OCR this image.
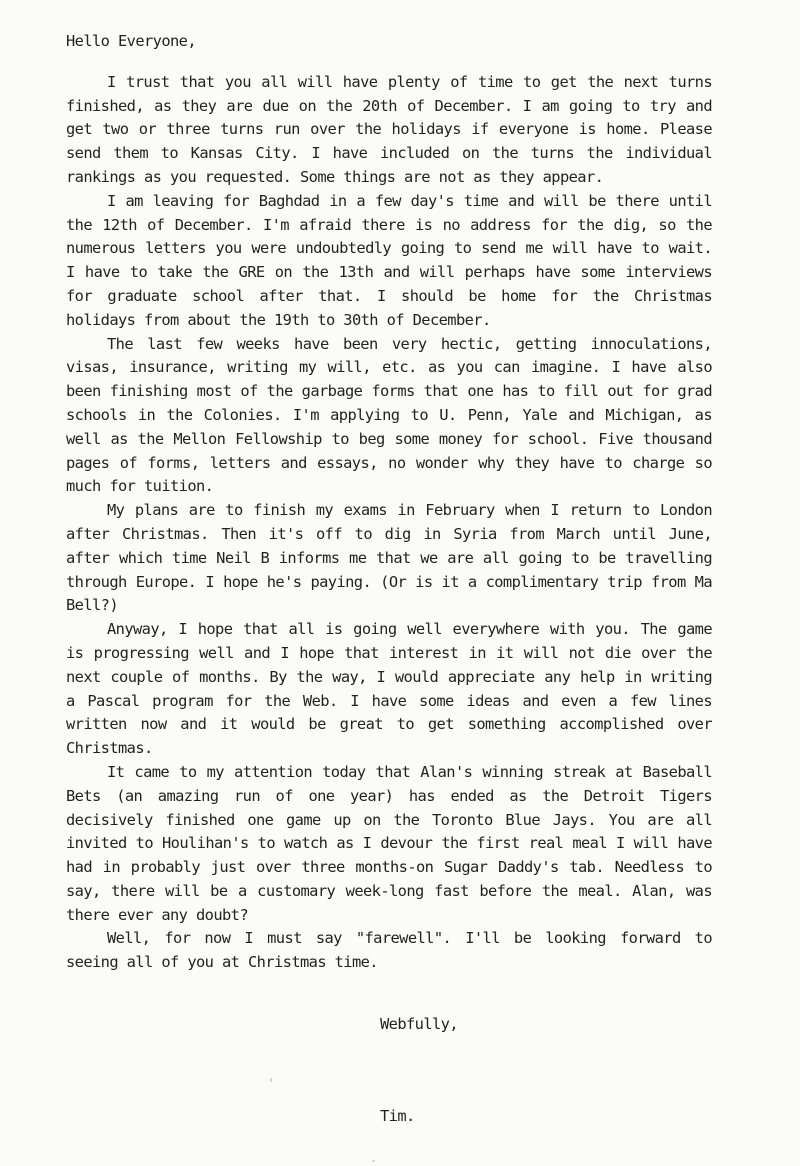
Hello Everyone,

I trust that you all will have plenty of time to get the next turns finished, as they are due on the 20th of December. I am going to try and get two or three turns run over the holidays if everyone is home. Please send them to Kansas City. I have included on the turns the individual rankings as you requested. Some things are not as they appear.

I am leaving for Baghdad in a few day's time and will be there until the 12th of December. I'm afraid there is no address for the dig, so the numerous letters you were undoubtedly going to send me will have to wait. I have to take the GRE on the 13th and will perhaps have some interviews for graduate school after that. I should be home for the Christmas holidays from about the 19th to 30th of December.

The last few weeks have been very hectic, getting innoculations, visas, insurance, writing my will, etc. as you can imagine. I have also been finishing most of the garbage forms that one has to fill out for grad schools in the Colonies. I'm applying to U. Penn, Yale and Michigan, as well as the Mellon Fellowship to beg some money for school. Five thousand pages of forms, letters and essays, no wonder why they have to charge so much for tuition.

My plans are to finish my exams in February when I return to London after Christmas. Then it's off to dig in Syria from March until June, after which time Neil B informs me that we are all going to be travelling through Europe. I hope he's paying. (Or is it a complimentary trip from Ma Bell?)

Anyway, I hope that all is going well everywhere with you. The game is progressing well and I hope that interest in it will not die over the next couple of months. By the way, I would appreciate any help in writing a Pascal program for the Web. I have some ideas and even a few lines written now and it would be great to get something accomplished over Christmas.

It came to my attention today that Alan's winning streak at Baseball Bets (an amazing run of one year) has ended as the Detroit Tigers decisively finished one game up on the Toronto Blue Jays. You are all invited to Houlihan's to watch as I devour the first real meal I will have had in probably just over three months-on Sugar Daddy's tab. Needless to say, there will be a customary week-long fast before the meal. Alan, was there ever any doubt?

Well, for now I must say "farewell". I'll be looking forward to seeing all of you at Christmas time.

Webfully,

Tim.
